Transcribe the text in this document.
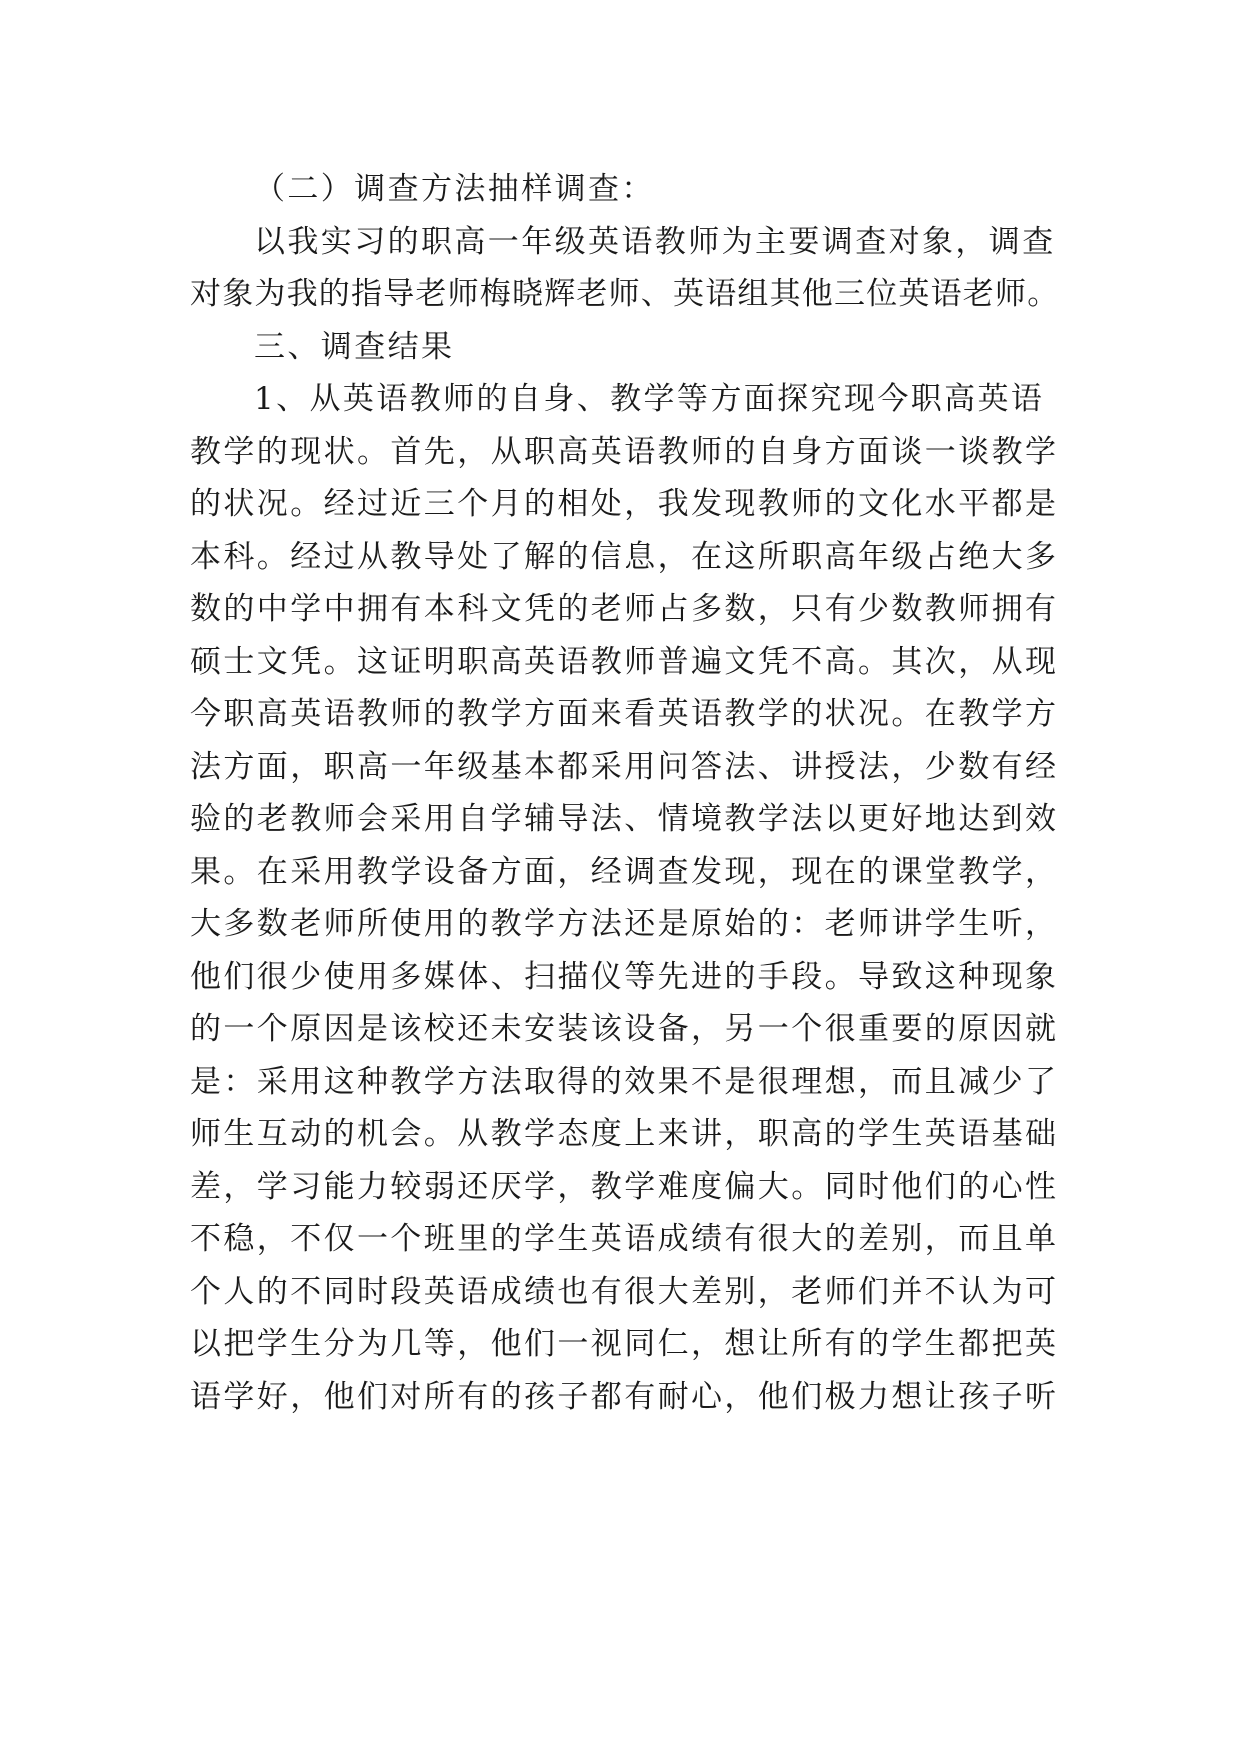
（二）调查方法抽样调查：
以我实习的职高一年级英语教师为主要调查对象，调查
对象为我的指导老师梅晓辉老师、英语组其他三位英语老师。
三、调查结果
1、从英语教师的自身、教学等方面探究现今职高英语
教学的现状。首先，从职高英语教师的自身方面谈一谈教学
的状况。经过近三个月的相处，我发现教师的文化水平都是
本科。经过从教导处了解的信息，在这所职高年级占绝大多
数的中学中拥有本科文凭的老师占多数，只有少数教师拥有
硕士文凭。这证明职高英语教师普遍文凭不高。其次，从现
今职高英语教师的教学方面来看英语教学的状况。在教学方
法方面，职高一年级基本都采用问答法、讲授法，少数有经
验的老教师会采用自学辅导法、情境教学法以更好地达到效
果。在采用教学设备方面，经调查发现，现在的课堂教学，
大多数老师所使用的教学方法还是原始的：老师讲学生听，
他们很少使用多媒体、扫描仪等先进的手段。导致这种现象
的一个原因是该校还未安装该设备，另一个很重要的原因就
是：采用这种教学方法取得的效果不是很理想，而且减少了
师生互动的机会。从教学态度上来讲，职高的学生英语基础
差，学习能力较弱还厌学，教学难度偏大。同时他们的心性
不稳，不仅一个班里的学生英语成绩有很大的差别，而且单
个人的不同时段英语成绩也有很大差别，老师们并不认为可
以把学生分为几等，他们一视同仁，想让所有的学生都把英
语学好，他们对所有的孩子都有耐心，他们极力想让孩子听
